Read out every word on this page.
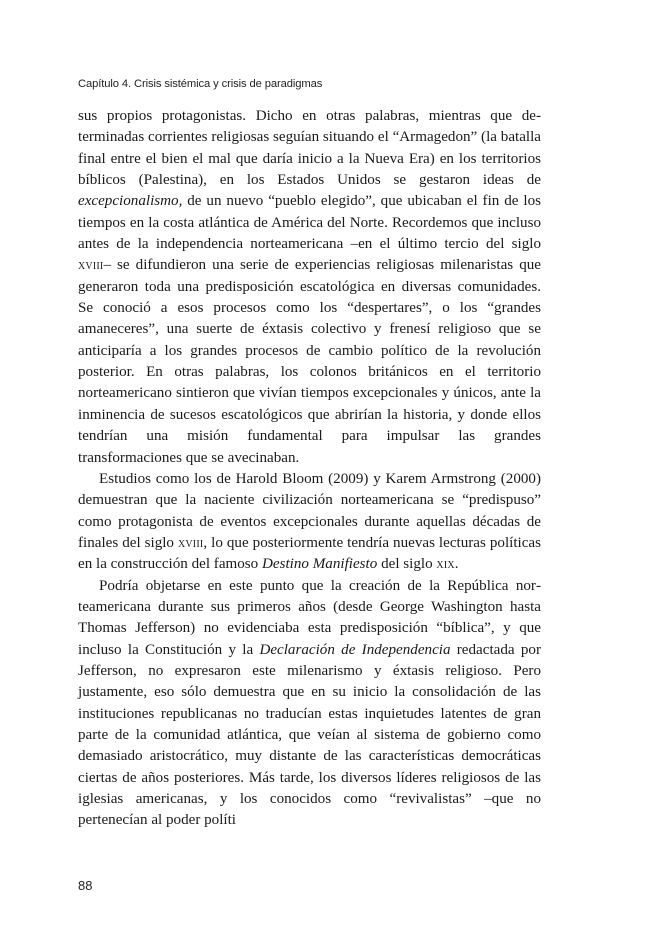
Capítulo 4. Crisis sistémica y crisis de paradigmas

sus propios protagonistas. Dicho en otras palabras, mientras que determinadas corrientes religiosas seguían situando el “Armagedon” (la batalla final entre el bien el mal que daría inicio a la Nueva Era) en los territorios bíblicos (Palestina), en los Estados Unidos se gestaron ideas de excepcionalismo, de un nuevo “pueblo elegido”, que ubicaban el fin de los tiempos en la costa atlántica de América del Norte. Recordemos que incluso antes de la independencia norteamericana –en el último tercio del siglo xviii– se difundieron una serie de experiencias religiosas milenaristas que generaron toda una predisposición escatológica en diversas comunidades. Se conoció a esos procesos como los “despertares”, o los “grandes amaneceres”, una suerte de éxtasis colectivo y frenesí religioso que se anticiparía a los grandes procesos de cambio político de la revolución posterior. En otras palabras, los colonos británicos en el territorio norteamericano sintieron que vivían tiempos excepcionales y únicos, ante la inminencia de sucesos escatológicos que abrirían la historia, y donde ellos tendrían una misión fundamental para impulsar las grandes transformaciones que se avecinaban.

Estudios como los de Harold Bloom (2009) y Karem Armstrong (2000) demuestran que la naciente civilización norteamericana se “predispuso” como protagonista de eventos excepcionales durante aquellas décadas de finales del siglo xviii, lo que posteriormente tendría nuevas lecturas políticas en la construcción del famoso Destino Manifiesto del siglo xix.

Podría objetarse en este punto que la creación de la República norteamericana durante sus primeros años (desde George Washington hasta Thomas Jefferson) no evidenciaba esta predisposición “bíblica”, y que incluso la Constitución y la Declaración de Independencia redactada por Jefferson, no expresaron este milenarismo y éxtasis religioso. Pero justamente, eso sólo demuestra que en su inicio la consolidación de las instituciones republicanas no traducían estas inquietudes latentes de gran parte de la comunidad atlántica, que veían al sistema de gobierno como demasiado aristocrático, muy distante de las características democráticas ciertas de años posteriores. Más tarde, los diversos líderes religiosos de las iglesias americanas, y los conocidos como “revivalistas” –que no pertenecían al poder políti

88
